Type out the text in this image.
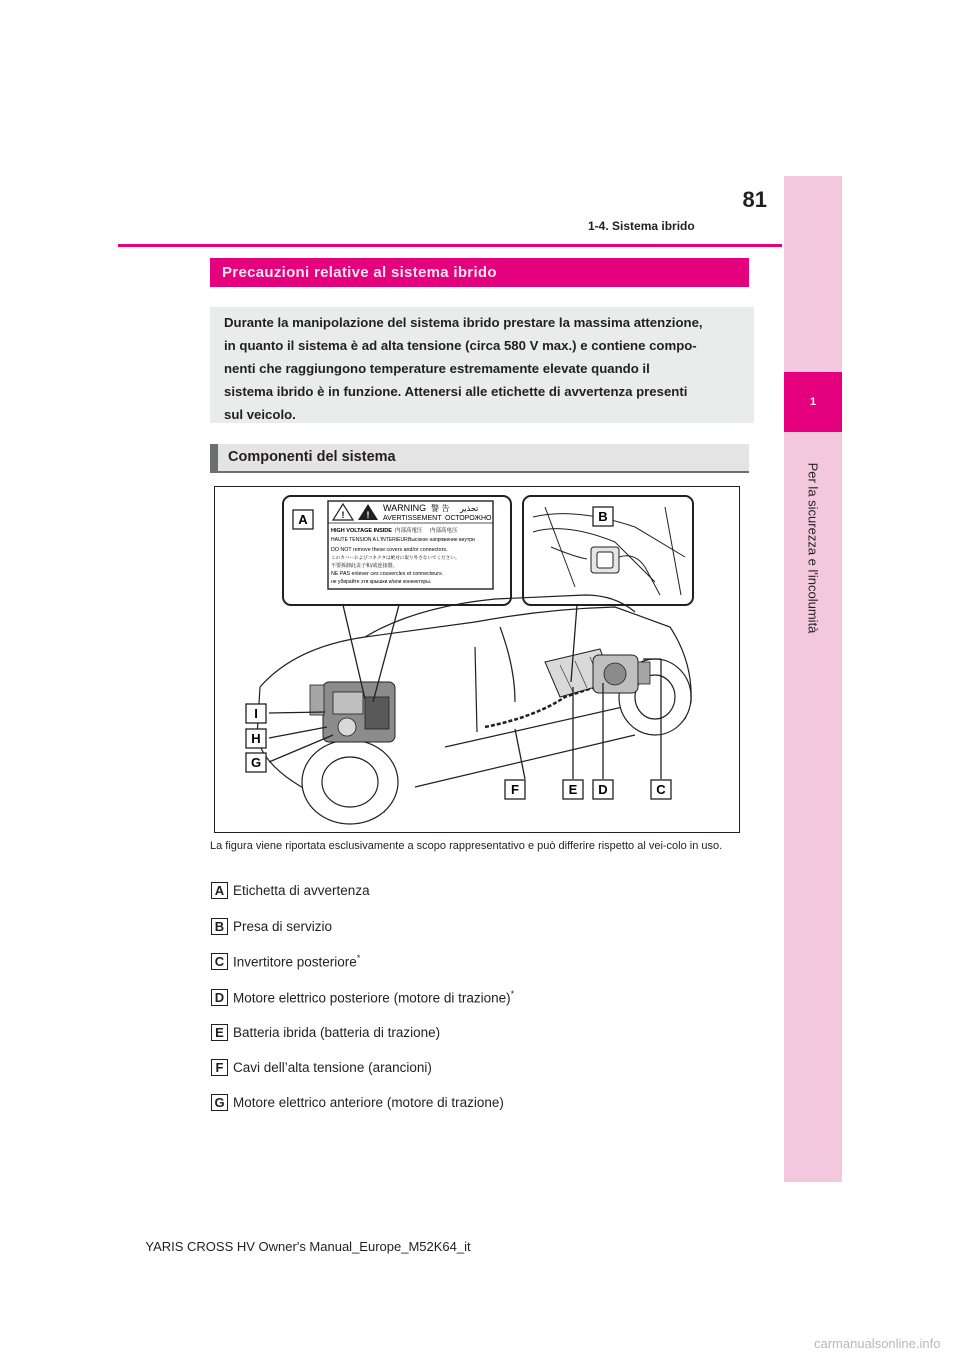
1
Per la sicurezza e l'incolumità
81
1-4. Sistema ibrido
Precauzioni relative al sistema ibrido

Durante la manipolazione del sistema ibrido prestare la massima attenzione,

in quanto il sistema è ad alta tensione (circa 580 V max.) e contiene compo-

nenti che raggiungono temperature estremamente elevate quando il

sistema ibrido è in funzione. Attenersi alle etichette di avvertenza presenti

sul veicolo.

Componenti del sistema
! !
WARNING 警 告 تحذير
AVERTISSEMENT ОСТОРОЖНО
HIGH VOLTAGE INSIDE 内部高電圧 内部高电压
HAUTE TENSION A L'INTERIEUR Высокое напряжение внутри
DO NOT remove these covers and/or connectors.
このカバーおよびコネクタは絶対に取り外さないでください。
不要拆卸此盖子和/或连接器。
NE PAS enlever ces couvercles et connecteurs.
не убирайте эти крышки и/или коннекторы.
A	B
I
H
G
F	E D	C
La figura viene riportata esclusivamente a scopo rappresentativo e può differire rispetto al vei-colo in uso.
A Etichetta di avvertenza
B Presa di servizio
C Invertitore posteriore*
D Motore elettrico posteriore (motore di trazione)*
E Batteria ibrida (batteria di trazione)
F Cavi dell’alta tensione (arancioni)
G Motore elettrico anteriore (motore di trazione)
YARIS CROSS HV Owner's Manual_Europe_M52K64_it
carmanualsonline.info
